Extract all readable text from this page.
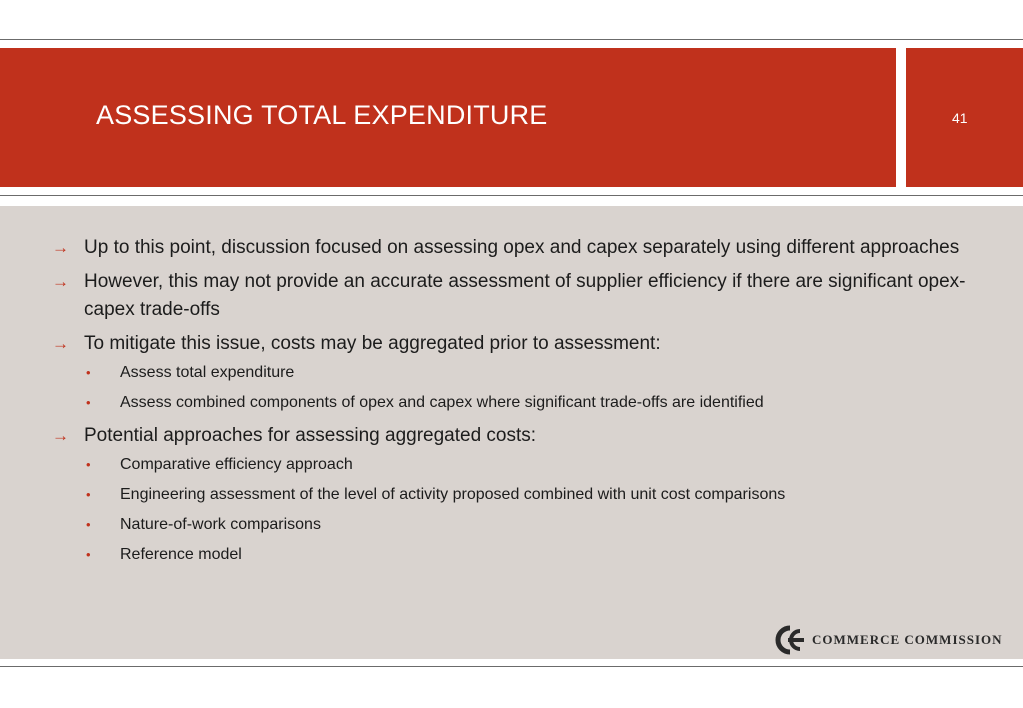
ASSESSING TOTAL EXPENDITURE	41
→ Up to this point, discussion focused on assessing opex and capex separately using different approaches
→ However, this may not provide an accurate assessment of supplier efficiency if there are significant opex-capex trade-offs
→ To mitigate this issue, costs may be aggregated prior to assessment:
• Assess total expenditure
• Assess combined components of opex and capex where significant trade-offs are identified
→ Potential approaches for assessing aggregated costs:
• Comparative efficiency approach
• Engineering assessment of the level of activity proposed combined with unit cost comparisons
• Nature-of-work comparisons
• Reference model
COMMERCE COMMISSION
